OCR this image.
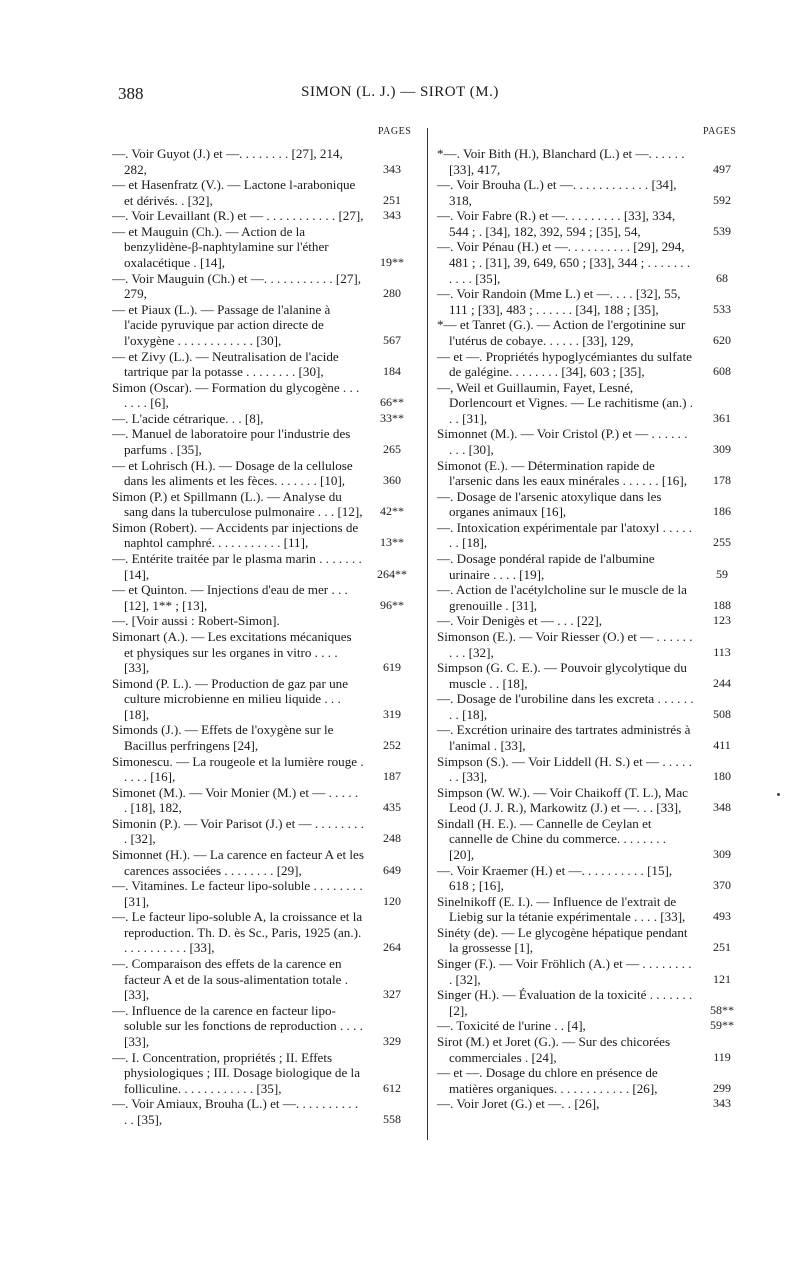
388	SIMON (L. J.) — SIROT (M.)
PAGES	PAGES

—. Voir Guyot (J.) et —. . . . . . . . [27], 214, 282,	343

— et Hasenfratz (V.). — Lactone l-arabonique et dérivés. . [32],	251

—. Voir Levaillant (R.) et — . . . . . . . . . . . [27],	343

— et Mauguin (Ch.). — Action de la benzylidène-β-naphtylamine sur l'éther oxalacétique . [14],	19**

—. Voir Mauguin (Ch.) et —. . . . . . . . . . . [27], 279,	280

— et Piaux (L.). — Passage de l'alanine à l'acide pyruvique par action directe de l'oxygène . . . . . . . . . . . . [30],	567

— et Zivy (L.). — Neutralisation de l'acide tartrique par la potasse . . . . . . . . [30],	184

Simon (Oscar). — Formation du glycogène . . . . . . . [6],	66**

—. L'acide cétrarique. . . [8],	33**

—. Manuel de laboratoire pour l'industrie des parfums . [35],	265

— et Lohrisch (H.). — Dosage de la cellulose dans les aliments et les fèces. . . . . . . [10],	360

Simon (P.) et Spillmann (L.). — Analyse du sang dans la tuberculose pulmonaire . . . [12],	42**

Simon (Robert). — Accidents par injections de naphtol camphré. . . . . . . . . . . [11],	13**

—. Entérite traitée par le plasma marin . . . . . . . [14],	264**

— et Quinton. — Injections d'eau de mer . . . [12], 1** ; [13],	96**

—. [Voir aussi : Robert-Simon].

Simonart (A.). — Les excitations mécaniques et physiques sur les organes in vitro . . . . [33],	619

Simond (P. L.). — Production de gaz par une culture microbienne en milieu liquide . . . [18],	319

Simonds (J.). — Effets de l'oxygène sur le Bacillus perfringens [24],	252

Simonescu. — La rougeole et la lumière rouge . . . . . [16],	187

Simonet (M.). — Voir Monier (M.) et — . . . . . . [18], 182,	435

Simonin (P.). — Voir Parisot (J.) et — . . . . . . . . . [32],	248

Simonnet (H.). — La carence en facteur A et les carences associées . . . . . . . . [29],	649

—. Vitamines. Le facteur lipo-soluble . . . . . . . . [31],	120

—. Le facteur lipo-soluble A, la croissance et la reproduction. Th. D. ès Sc., Paris, 1925 (an.). . . . . . . . . . . [33],	264

—. Comparaison des effets de la carence en facteur A et de la sous-alimentation totale . [33],	327

—. Influence de la carence en facteur lipo-soluble sur les fonctions de reproduction . . . . [33],	329

—. I. Concentration, propriétés ; II. Effets physiologiques ; III. Dosage biologique de la folliculine. . . . . . . . . . . . [35],	612

—. Voir Amiaux, Brouha (L.) et —. . . . . . . . . . . . [35],	558

*—. Voir Bith (H.), Blanchard (L.) et —. . . . . . [33], 417,	497

—. Voir Brouha (L.) et —. . . . . . . . . . . . [34], 318,	592

—. Voir Fabre (R.) et —. . . . . . . . . [33], 334, 544 ; . [34], 182, 392, 594 ; [35], 54,	539

—. Voir Pénau (H.) et —. . . . . . . . . . [29], 294, 481 ; . [31], 39, 649, 650 ; [33], 344 ; . . . . . . . . . . . [35],	68

—. Voir Randoin (Mme L.) et —. . . . [32], 55, 111 ; [33], 483 ; . . . . . . [34], 188 ; [35],	533

*— et Tanret (G.). — Action de l'ergotinine sur l'utérus de cobaye. . . . . . [33], 129,	620

— et —. Propriétés hypoglycémiantes du sulfate de galégine. . . . . . . . [34], 603 ; [35],	608

—, Weil et Guillaumin, Fayet, Lesné, Dorlencourt et Vignes. — Le rachitisme (an.) . . . [31],	361

Simonnet (M.). — Voir Cristol (P.) et — . . . . . . . . . [30],	309

Simonot (E.). — Détermination rapide de l'arsenic dans les eaux minérales . . . . . . [16],	178

—. Dosage de l'arsenic atoxylique dans les organes animaux [16],	186

—. Intoxication expérimentale par l'atoxyl . . . . . . . [18],	255

—. Dosage pondéral rapide de l'albumine urinaire . . . . [19],	59

—. Action de l'acétylcholine sur le muscle de la grenouille . [31],	188

—. Voir Denigès et — . . . [22],	123

Simonson (E.). — Voir Riesser (O.) et — . . . . . . . . . [32],	113

Simpson (G. C. E.). — Pouvoir glycolytique du muscle . . [18],	244

—. Dosage de l'urobiline dans les excreta . . . . . . . . [18],	508

—. Excrétion urinaire des tartrates administrés à l'animal . [33],	411

Simpson (S.). — Voir Liddell (H. S.) et — . . . . . . . [33],	180

Simpson (W. W.). — Voir Chaikoff (T. L.), Mac Leod (J. J. R.), Markowitz (J.) et —. . . [33],	348

Sindall (H. E.). — Cannelle de Ceylan et cannelle de Chine du commerce. . . . . . . . [20],	309

—. Voir Kraemer (H.) et —. . . . . . . . . . [15], 618 ; [16],	370

Sinelnikoff (E. I.). — Influence de l'extrait de Liebig sur la tétanie expérimentale . . . . [33],	493

Sinéty (de). — Le glycogène hépatique pendant la grossesse [1],	251

Singer (F.). — Voir Fröhlich (A.) et — . . . . . . . . . [32],	121

Singer (H.). — Évaluation de la toxicité . . . . . . . [2],	58**

—. Toxicité de l'urine . . [4],	59**

Sirot (M.) et Joret (G.). — Sur des chicorées commerciales . [24],	119

— et —. Dosage du chlore en présence de matières organiques. . . . . . . . . . . . [26],	299

—. Voir Joret (G.) et —. . [26],	343
